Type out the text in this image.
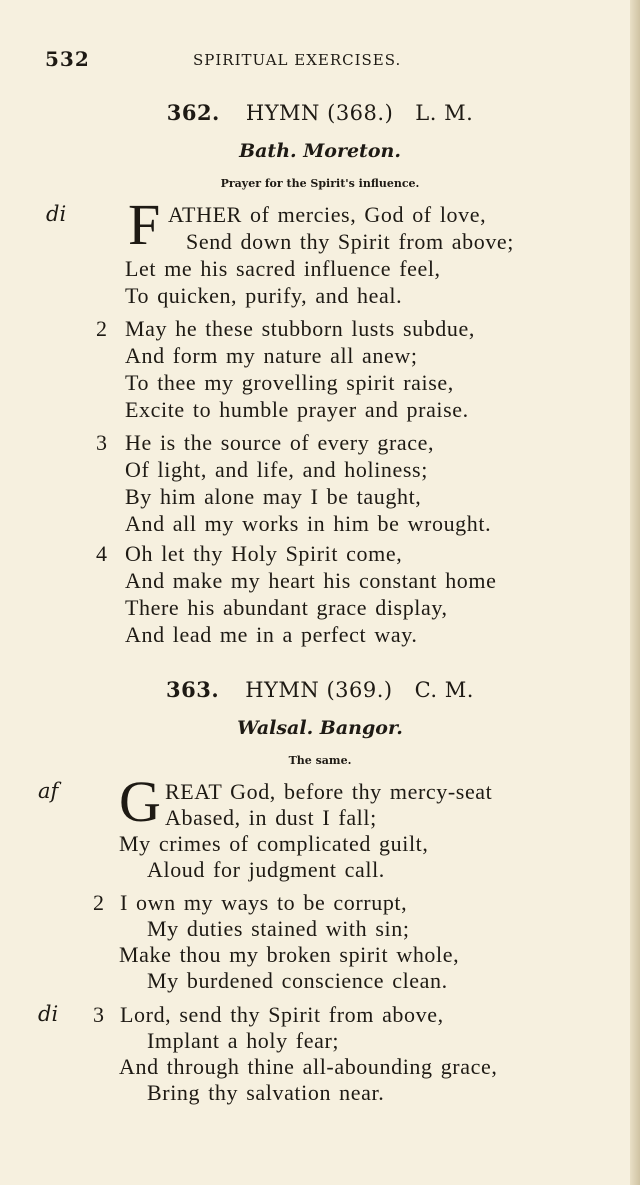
532	SPIRITUAL EXERCISES.
362. HYMN (368.) L. M.
Bath. Moreton.
Prayer for the Spirit's influence.
di F ATHER of mercies, God of love,
Send down thy Spirit from above;
Let me his sacred influence feel,
To quicken, purify, and heal.
2 May he these stubborn lusts subdue,
And form my nature all anew;
To thee my grovelling spirit raise,
Excite to humble prayer and praise.
3 He is the source of every grace,
Of light, and life, and holiness;
By him alone may I be taught,
And all my works in him be wrought.
4 Oh let thy Holy Spirit come,
And make my heart his constant home
There his abundant grace display,
And lead me in a perfect way.
363. HYMN (369.) C. M.
Walsal. Bangor.
The same.
af G REAT God, before thy mercy-seat
Abased, in dust I fall;
My crimes of complicated guilt,
Aloud for judgment call.
2 I own my ways to be corrupt,
My duties stained with sin;
Make thou my broken spirit whole,
My burdened conscience clean.
di 3 Lord, send thy Spirit from above,
Implant a holy fear;
And through thine all-abounding grace,
Bring thy salvation near.
